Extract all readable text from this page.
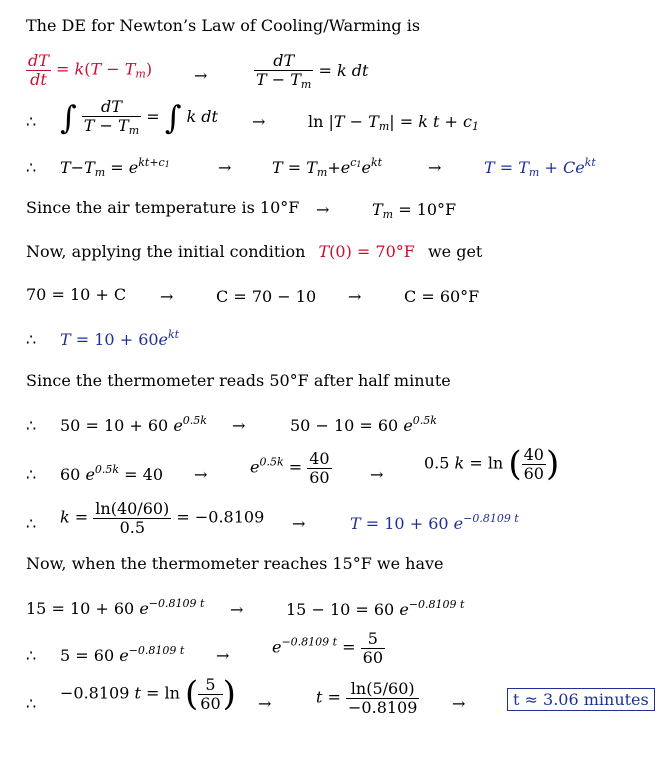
The DE for Newton’s Law of Cooling/Warming is
$\frac{dT}{dt} = k(T - T_m)$	→	$\frac{dT}{T - T_m} = k$ dt
∴ ∫ $\frac{dT}{T - T_m}$ = ∫ k dt →	$\ln |T - T_m| = k$ $t + c_1$
∴ $T-T_m = e^{kt+c_1}$	→	$T = T_m+e^{c_1}e^{kt}$	→	$T = T_m + Ce^{kt}$
Since the air temperature is 10°F →	$T_m = 10^\circ F$
Now, applying the initial condition T(0) = 70°F we get
70 = 10 + C →	C = 70 − 10 →	C = 60°F
∴ $T = 10 + 60e^{kt}$
Since the thermometer reads 50°F after half minute
∴ 50 = 10 + 60 $e^{0.5k}$ →	50 − 10 = 60 $e^{0.5k}$
∴ 60 $e^{0.5k} = 40$ →	$e^{0.5k} = \frac{40}{60}$ →
0.5 k = ln ( $\frac{40}{60}$ )
∴ $k = \frac{\ln(40/60)}{0.5} = -0.8109$ →	T = 10 + 60 $e^{-0.8109 t}$
Now, when the thermometer reaches 15°F we have
15 = 10 + 60 $e^{-0.8109 t}$ →	15 − 10 = 60 $e^{-0.8109 t}$
∴ 5 = 60 $e^{-0.8109 t}$ →	$e^{-0.8109 t} = \frac{5}{60}$
∴
−0.8109 t = ln ( $\frac{5}{60}$ ) →	$t = \frac{\ln(5/60)}{-0.8109}$ →	t ≈ 3.06 minutes
